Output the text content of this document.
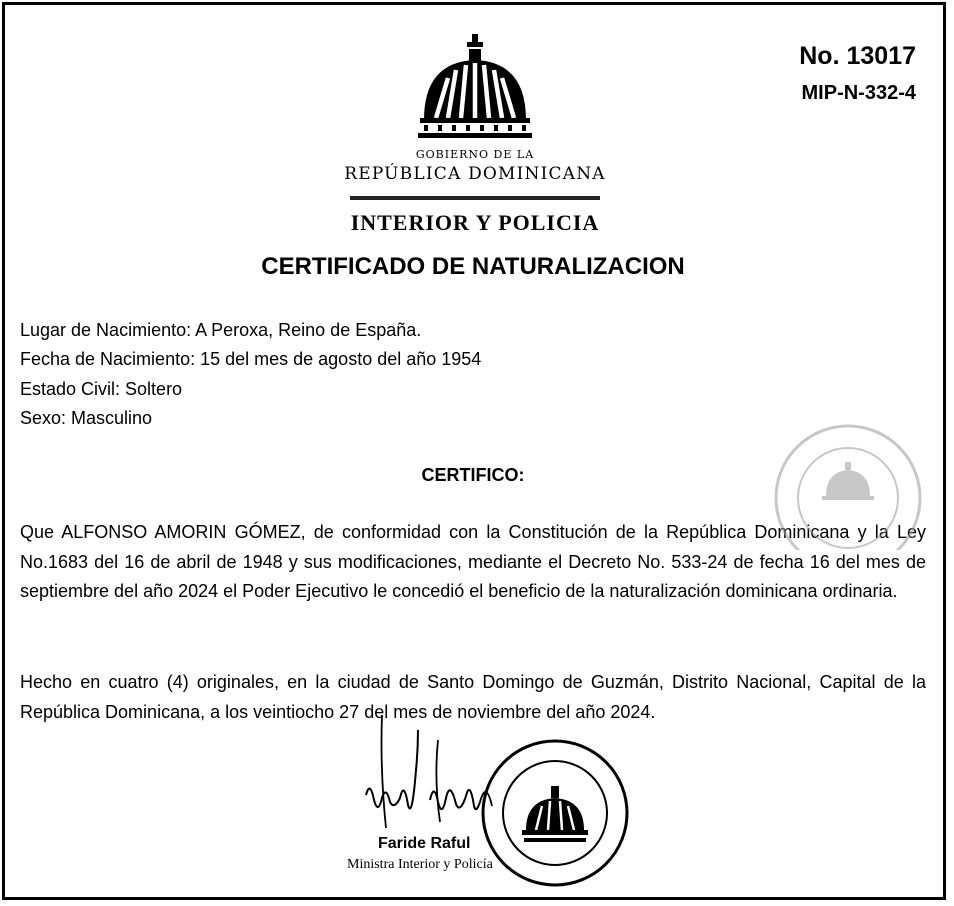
GOBIERNO DE LA
REPÚBLICA DOMINICANA
INTERIOR Y POLICIA
No. 13017
MIP-N-332-4
CERTIFICADO DE NATURALIZACION
Lugar de Nacimiento: A Peroxa, Reino de España.
Fecha de Nacimiento: 15 del mes de agosto del año 1954
Estado Civil: Soltero
Sexo: Masculino
CERTIFICO:
Que ALFONSO AMORIN GÓMEZ, de conformidad con la Constitución de la República Dominicana y la Ley No.1683 del 16 de abril de 1948 y sus modificaciones, mediante el Decreto No. 533-24 de fecha 16 del mes de septiembre del año 2024 el Poder Ejecutivo le concedió el beneficio de la naturalización dominicana ordinaria.
Hecho en cuatro (4) originales, en la ciudad de Santo Domingo de Guzmán, Distrito Nacional, Capital de la República Dominicana, a los veintiocho 27 del mes de noviembre del año 2024.
Faride Raful
Ministra Interior y Policía
